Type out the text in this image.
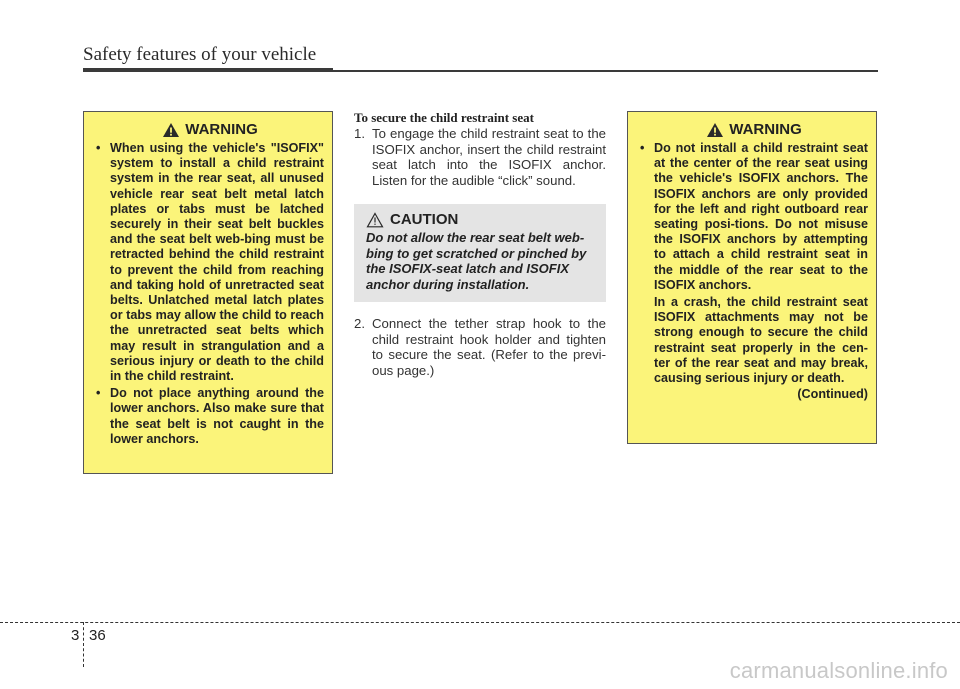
Safety features of your vehicle
WARNING
• When using the vehicle's "ISOFIX" system to install a child restraint system in the rear seat, all unused vehicle rear seat belt metal latch plates or tabs must be latched securely in their seat belt buckles and the seat belt web-bing must be retracted behind the child restraint to prevent the child from reaching and taking hold of unretracted seat belts. Unlatched metal latch plates or tabs may allow the child to reach the unretracted seat belts which may result in strangulation and a serious injury or death to the child in the child restraint.
• Do not place anything around the lower anchors. Also make sure that the seat belt is not caught in the lower anchors.
To secure the child restraint seat
1. To engage the child restraint seat to the ISOFIX anchor, insert the child restraint seat latch into the ISOFIX anchor. Listen for the audible “click” sound.
CAUTION
Do not allow the rear seat belt web-bing to get scratched or pinched by the ISOFIX-seat latch and ISOFIX anchor during installation.
2. Connect the tether strap hook to the child restraint hook holder and tighten to secure the seat. (Refer to the previ-ous page.)
WARNING
• Do not install a child restraint seat at the center of the rear seat using the vehicle's ISOFIX anchors. The ISOFIX anchors are only provided for the left and right outboard rear seating posi-tions. Do not misuse the ISOFIX anchors by attempting to attach a child restraint seat in the middle of the rear seat to the ISOFIX anchors.
In a crash, the child restraint seat ISOFIX attachments may not be strong enough to secure the child restraint seat properly in the cen-ter of the rear seat and may break, causing serious injury or death.
(Continued)
3 36
carmanualsonline.info
